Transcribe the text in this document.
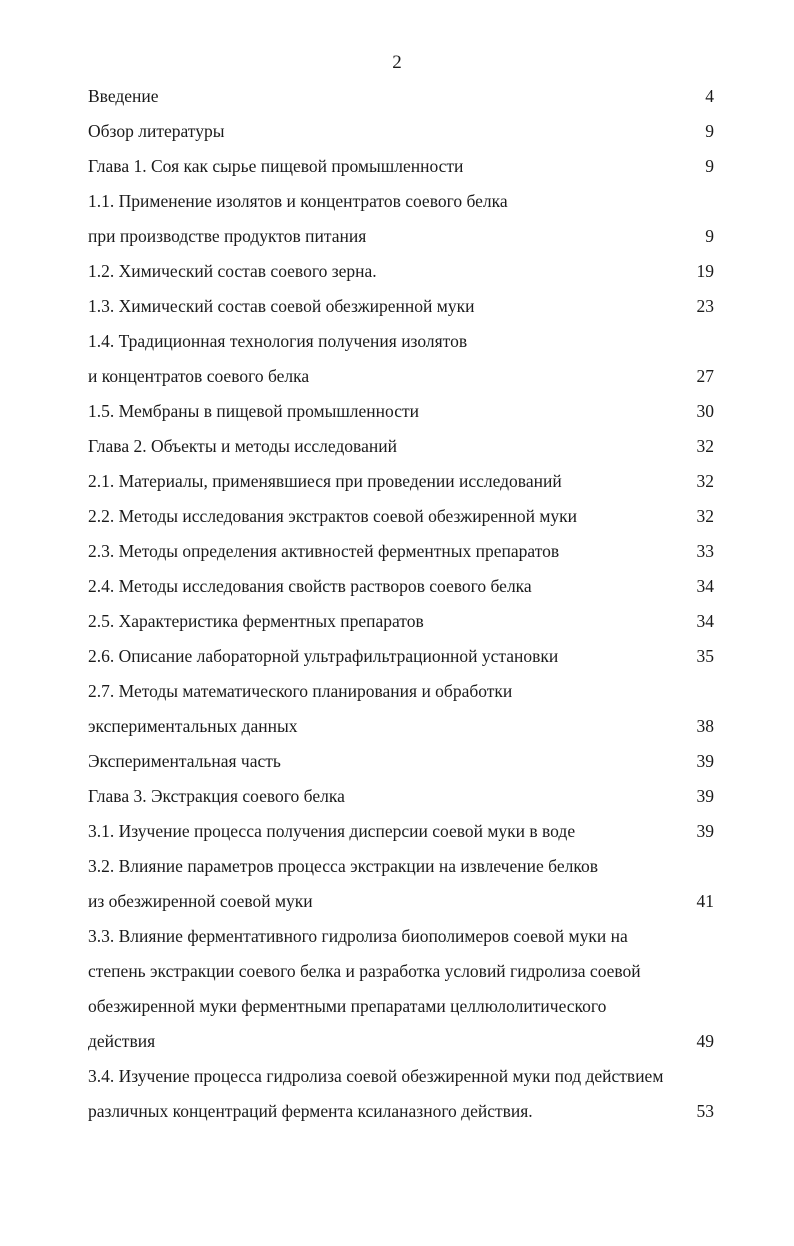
2
Введение	4
Обзор литературы	9
Глава 1. Соя как сырье пищевой промышленности	9
1.1. Применение изолятов и концентратов соевого белка
при производстве продуктов питания	9
1.2. Химический состав соевого зерна.	19
1.3. Химический состав соевой обезжиренной муки	23
1.4. Традиционная технология получения изолятов
и концентратов соевого белка	27
1.5. Мембраны в пищевой промышленности	30
Глава 2. Объекты и методы исследований	32
2.1. Материалы, применявшиеся при проведении исследований	32
2.2. Методы исследования экстрактов соевой обезжиренной муки	32
2.3. Методы определения активностей ферментных препаратов	33
2.4. Методы исследования свойств растворов соевого белка	34
2.5. Характеристика ферментных препаратов	34
2.6. Описание лабораторной ультрафильтрационной установки	35
2.7. Методы математического планирования и обработки
экспериментальных данных	38
Экспериментальная часть	39
Глава 3. Экстракция соевого белка	39
3.1. Изучение процесса получения дисперсии соевой муки в воде	39
3.2. Влияние параметров процесса экстракции на извлечение белков
из обезжиренной соевой муки	41
3.3. Влияние ферментативного гидролиза биополимеров соевой муки на
степень экстракции соевого белка и разработка условий гидролиза соевой
обезжиренной муки ферментными препаратами целлюлолитического
действия	49
3.4. Изучение процесса гидролиза соевой обезжиренной муки под действием
различных концентраций фермента ксиланазного действия.	53
